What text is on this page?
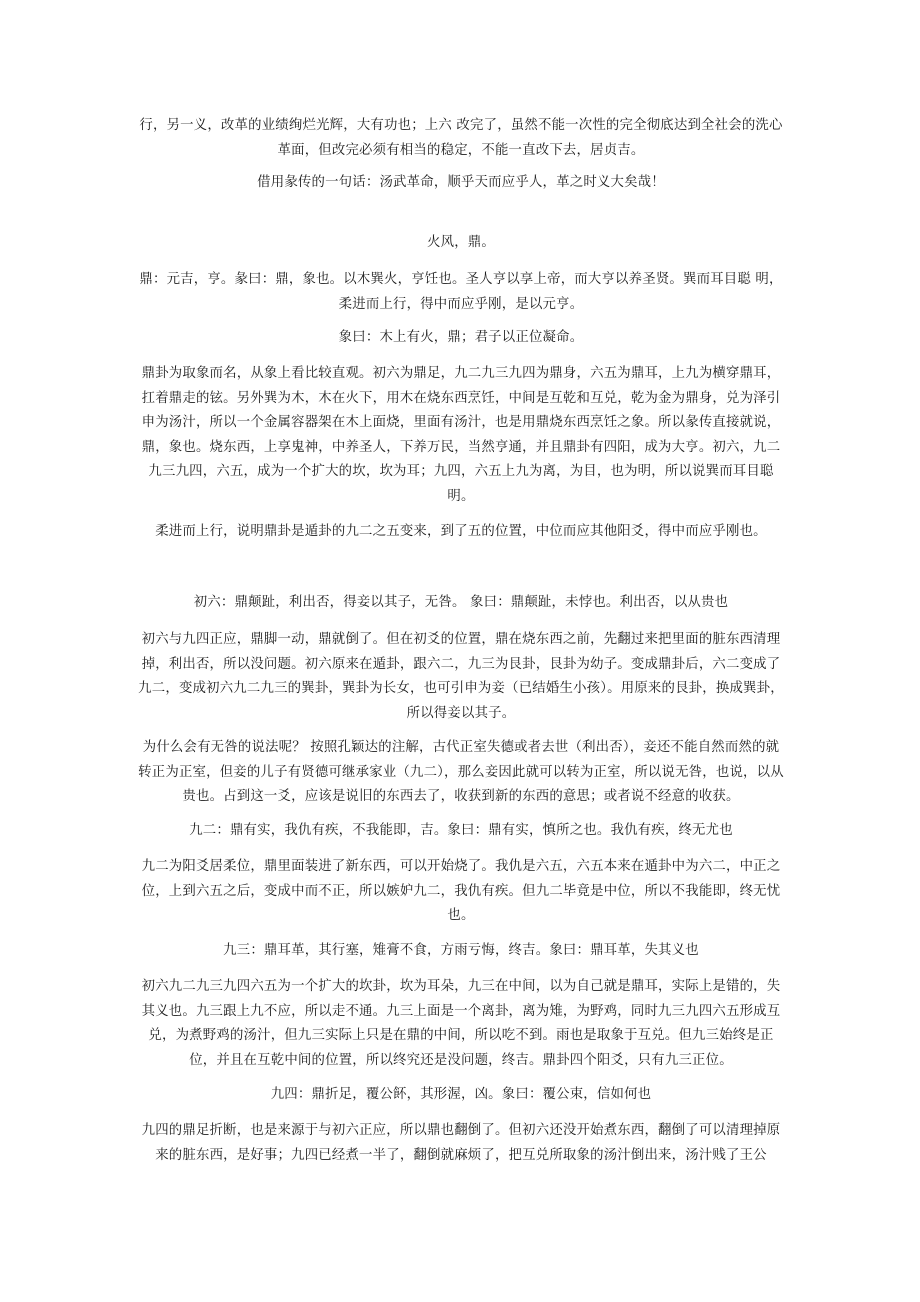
行，另一义，改革的业绩绚烂光辉，大有功也；上六 改完了，虽然不能一次性的完全彻底达到全社会的洗心革面，但改完必须有相当的稳定，不能一直改下去，居贞吉。

借用彖传的一句话：汤武革命，顺乎天而应乎人，革之时义大矣哉！

火风，鼎。

鼎：元吉，亨。彖曰：鼎，象也。以木巽火，亨饪也。圣人亨以享上帝，而大亨以养圣贤。巽而耳目聪 明，柔进而上行，得中而应乎刚，是以元亨。

象曰：木上有火，鼎；君子以正位凝命。

鼎卦为取象而名，从象上看比较直观。初六为鼎足，九二九三九四为鼎身，六五为鼎耳，上九为横穿鼎耳，扛着鼎走的铉。另外巽为木，木在火下，用木在烧东西烹饪，中间是互乾和互兑，乾为金为鼎身，兑为泽引申为汤汁，所以一个金属容器架在木上面烧，里面有汤汁，也是用鼎烧东西烹饪之象。所以彖传直接就说，鼎，象也。烧东西，上享鬼神，中养圣人，下养万民，当然亨通，并且鼎卦有四阳，成为大亨。初六，九二九三九四，六五，成为一个扩大的坎，坎为耳；九四，六五上九为离，为目，也为明，所以说巽而耳目聪明。

柔进而上行，说明鼎卦是遁卦的九二之五变来，到了五的位置，中位而应其他阳爻，得中而应乎刚也。

初六：鼎颠趾，利出否，得妾以其子，无咎。 象曰：鼎颠趾，未悖也。利出否，以从贵也

初六与九四正应，鼎脚一动，鼎就倒了。但在初爻的位置，鼎在烧东西之前，先翻过来把里面的脏东西清理掉，利出否，所以没问题。初六原来在遁卦，跟六二，九三为艮卦，艮卦为幼子。变成鼎卦后，六二变成了九二，变成初六九二九三的巽卦，巽卦为长女，也可引申为妾（已结婚生小孩）。用原来的艮卦，换成巽卦，所以得妾以其子。

为什么会有无咎的说法呢？ 按照孔颖达的注解，古代正室失德或者去世（利出否），妾还不能自然而然的就转正为正室，但妾的儿子有贤德可继承家业（九二），那么妾因此就可以转为正室，所以说无咎，也说，以从贵也。占到这一爻，应该是说旧的东西去了，收获到新的东西的意思；或者说不经意的收获。

九二：鼎有实，我仇有疾，不我能即，吉。象曰：鼎有实，慎所之也。我仇有疾，终无尤也

九二为阳爻居柔位，鼎里面装进了新东西，可以开始烧了。我仇是六五，六五本来在遁卦中为六二，中正之位，上到六五之后，变成中而不正，所以嫉妒九二，我仇有疾。但九二毕竟是中位，所以不我能即，终无忧也。

九三：鼎耳革，其行塞，雉膏不食，方雨亏悔，终吉。象曰：鼎耳革，失其义也

初六九二九三九四六五为一个扩大的坎卦，坎为耳朵，九三在中间，以为自己就是鼎耳，实际上是错的，失其义也。九三跟上九不应，所以走不通。九三上面是一个离卦，离为雉，为野鸡，同时九三九四六五形成互兑，为煮野鸡的汤汁，但九三实际上只是在鼎的中间，所以吃不到。雨也是取象于互兑。但九三始终是正位，并且在互乾中间的位置，所以终究还是没问题，终吉。鼎卦四个阳爻，只有九三正位。

九四：鼎折足，覆公䬪，其形渥，凶。象曰：覆公束，信如何也

九四的鼎足折断，也是来源于与初六正应，所以鼎也翻倒了。但初六还没开始煮东西，翻倒了可以清理掉原来的脏东西，是好事；九四已经煮一半了，翻倒就麻烦了，把互兑所取象的汤汁倒出来，汤汁贱了王公
